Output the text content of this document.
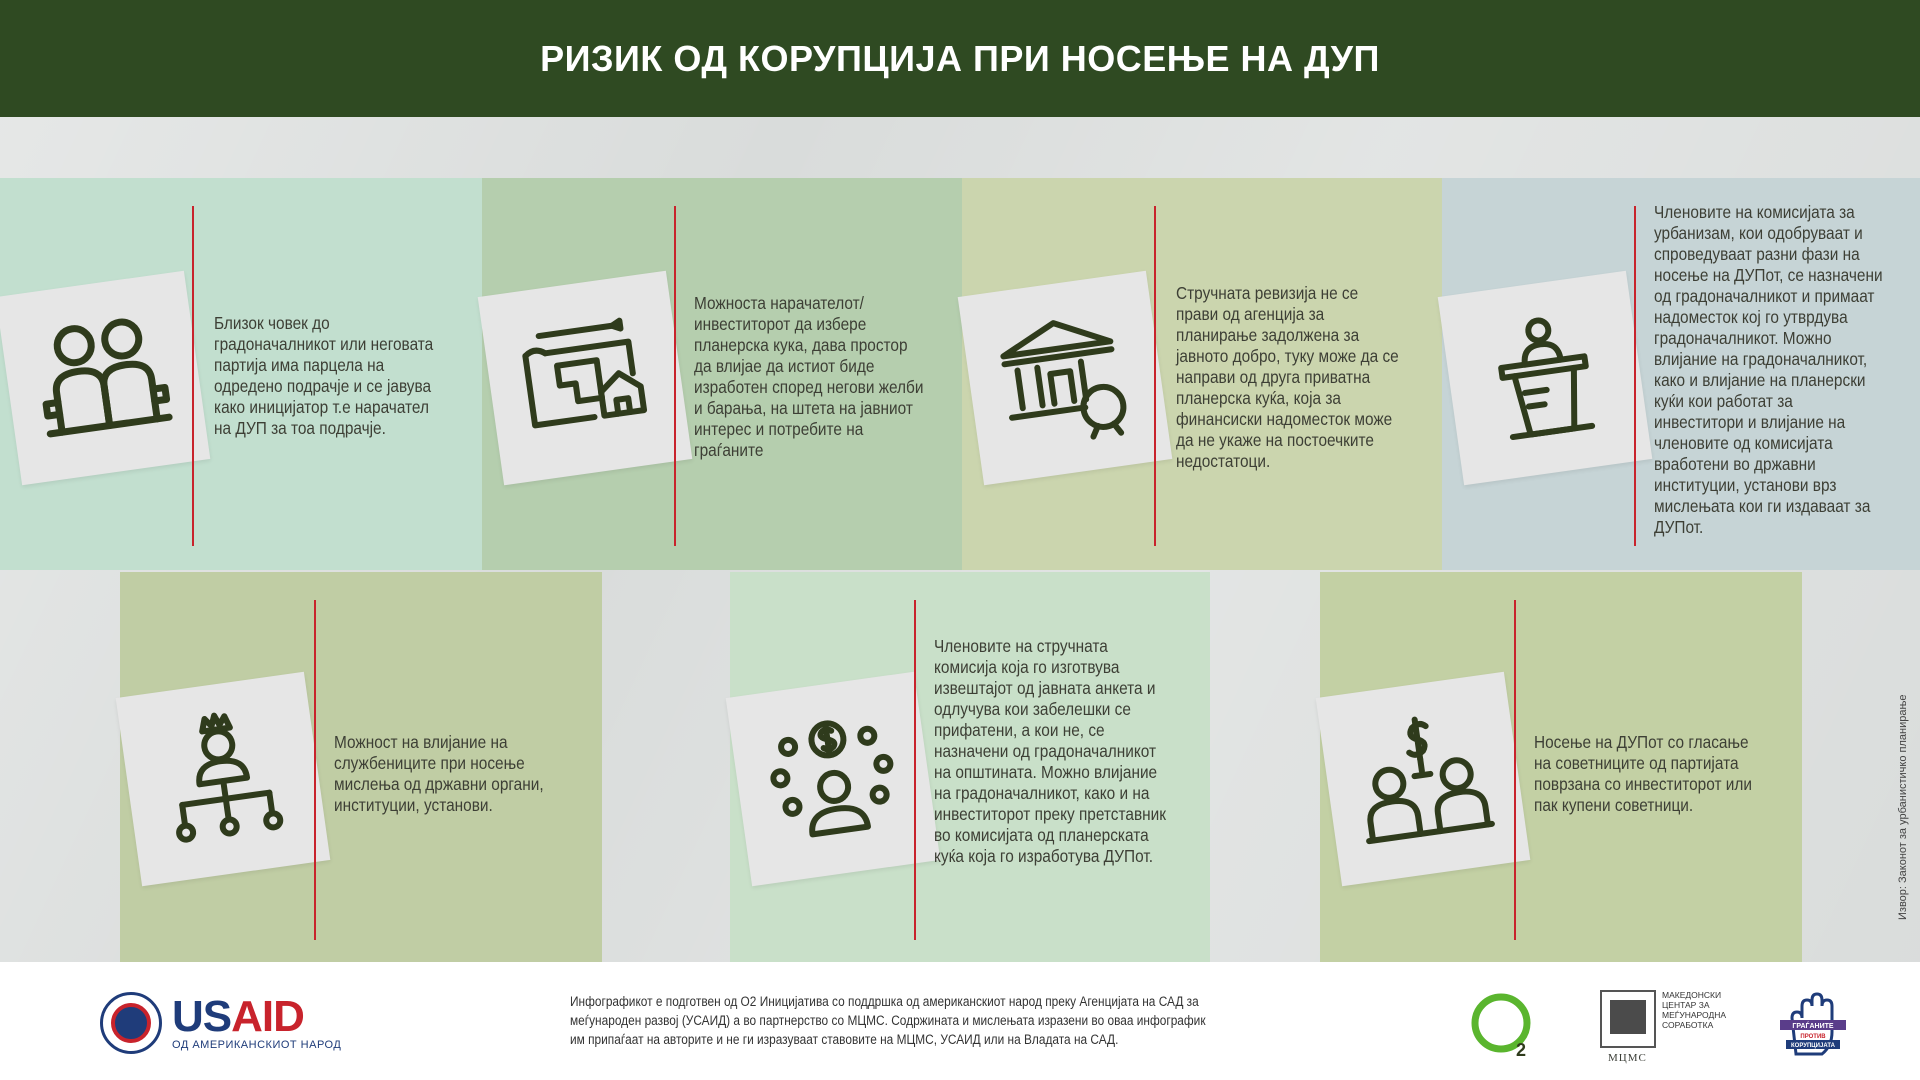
РИЗИК ОД КОРУПЦИЈА ПРИ НОСЕЊЕ НА ДУП
Близок човек до градоначалникот или неговата партија има парцела на одредено подрачје и се јавува како иницијатор т.е нарачател на ДУП за тоа подрачје.
Можноста нарачателот/инвеститорот да избере планерска кука, дава простор да влијае да истиот биде изработен според негови желби и барања, на штета на јавниот интерес и потребите на граѓаните
Стручната ревизија не се прави од агенција за планирање задолжена за јавното добро, туку може да се направи од друга приватна планерска куќа, која за финансиски надоместок може да не укаже на постоечките недостатоци.
Членовите на комисијата за урбанизам, кои одобруваат и спроведуваат разни фази на носење на ДУПот, се назначени од градоначалникот и примаат надоместок кој го утврдува градоначалникот. Можно влијание на градоначалникот, како и влијание на планерски куќи кои работат за инвеститори и влијание на членовите од комисијата вработени во државни институции, установи врз мислењата кои ги издаваат за ДУПот.
Можност на влијание на службениците при носење мислења од државни органи, институции, установи.
Членовите на стручната комисија која го изготвува извештајот од јавната анкета и одлучува кои забелешки се прифатени, а кои не, се назначени од градоначалникот на општината. Можно влијание на градоначалникот, како и на инвеститорот преку претставник во комисијата од планерската куќа која го изработува ДУПот.
Носење на ДУПот со гласање на советниците од партијата поврзана со инвеститорот или пак купени советници.	Извор: Законот за урбанистичко планирање
USAID
ОД АМЕРИКАНСКИОТ НАРОД
Инфографикот е подготвен од О2 Иницијатива со поддршка од американскиот народ преку Агенцијата на САД за меѓународен развој (УСАИД) а во партнерство со МЦМС. Содржината и мислењата изразени во оваа инфографик им припаѓаат на авторите и не ги изразуваат ставовите на МЦМС, УСАИД или на Владата на САД.
2
МАКЕДОНСКИ ЦЕНТАР ЗА МЕЃУНАРОДНА СОРАБОТКА
МЦМС
ГРАЃАНИТЕ
ПРОТИВ
КОРУПЦИЈАТА
